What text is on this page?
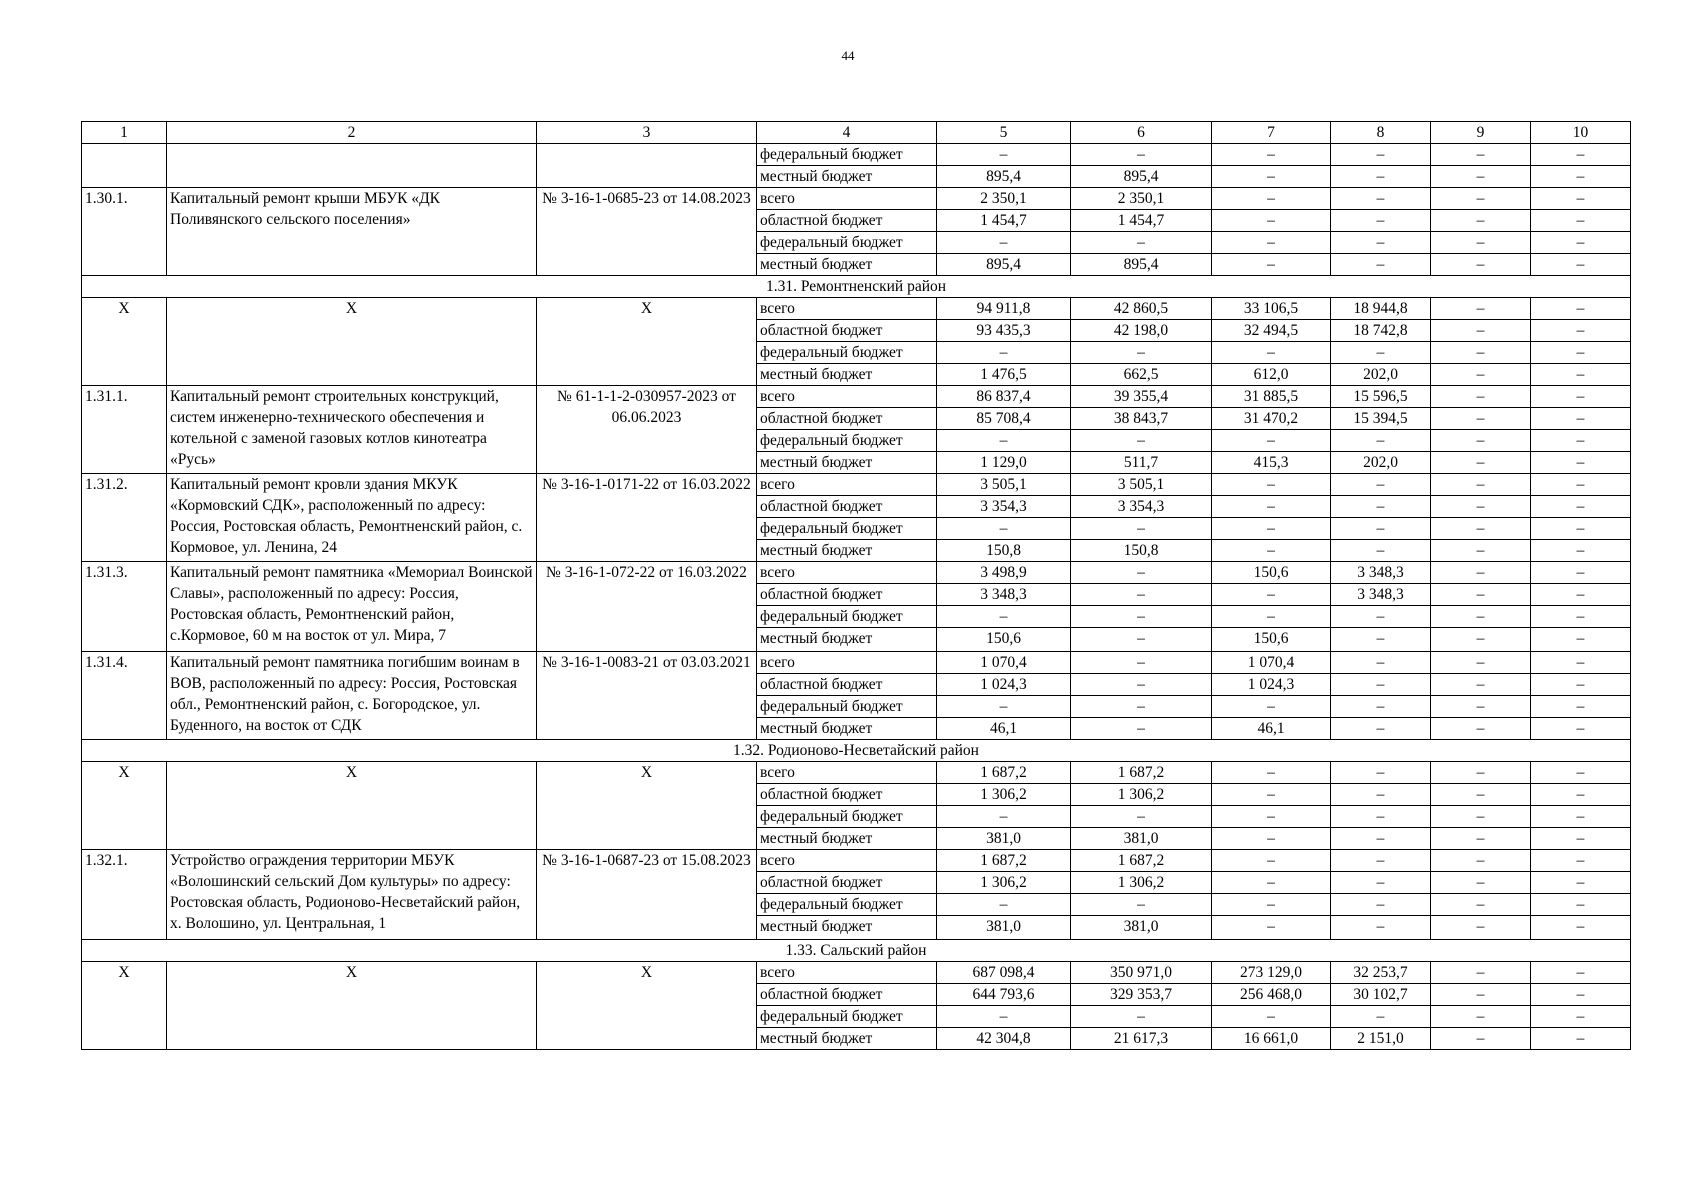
44
1	2	3	4	5	6	7	8	9	10
			федеральный бюджет	–	–	–	–	–	–
			местный бюджет	895,4	895,4	–	–	–	–
1.30.1.	Капитальный ремонт крыши МБУК «ДК Поливянского сельского поселения»	№ 3-16-1-0685-23 от 14.08.2023	всего	2 350,1	2 350,1	–	–	–	–
			областной бюджет	1 454,7	1 454,7	–	–	–	–
			федеральный бюджет	–	–	–	–	–	–
			местный бюджет	895,4	895,4	–	–	–	–
1.31. Ремонтненский район									
X	X	X	всего	94 911,8	42 860,5	33 106,5	18 944,8	–	–
			областной бюджет	93 435,3	42 198,0	32 494,5	18 742,8	–	–
			федеральный бюджет	–	–	–	–	–	–
			местный бюджет	1 476,5	662,5	612,0	202,0	–	–
1.31.1.	Капитальный ремонт строительных конструкций, систем инженерно-технического обеспечения и котельной с заменой газовых котлов кинотеатра «Русь»	№ 61-1-1-2-030957-2023 от 06.06.2023	всего	86 837,4	39 355,4	31 885,5	15 596,5	–	–
			областной бюджет	85 708,4	38 843,7	31 470,2	15 394,5	–	–
			федеральный бюджет	–	–	–	–	–	–
			местный бюджет	1 129,0	511,7	415,3	202,0	–	–
1.31.2.	Капитальный ремонт кровли здания МКУК «Кормовский СДК», расположенный по адресу: Россия, Ростовская область, Ремонтненский район, с. Кормовое, ул. Ленина, 24	№ 3-16-1-0171-22 от 16.03.2022	всего	3 505,1	3 505,1	–	–	–	–
			областной бюджет	3 354,3	3 354,3	–	–	–	–
			федеральный бюджет	–	–	–	–	–	–
			местный бюджет	150,8	150,8	–	–	–	–
1.31.3.	Капитальный ремонт памятника «Мемориал Воинской Славы», расположенный по адресу: Россия, Ростовская область, Ремонтненский район, с.Кормовое, 60 м на восток от ул. Мира, 7	№ 3-16-1-072-22 от 16.03.2022	всего	3 498,9	–	150,6	3 348,3	–	–
			областной бюджет	3 348,3	–	–	3 348,3	–	–
			федеральный бюджет	–	–	–	–	–	–
			местный бюджет	150,6	–	150,6	–	–	–
1.31.4.	Капитальный ремонт памятника погибшим воинам в ВОВ, расположенный по адресу: Россия, Ростовская обл., Ремонтненский район, с. Богородское, ул. Буденного, на восток от СДК	№ 3-16-1-0083-21 от 03.03.2021	всего	1 070,4	–	1 070,4	–	–	–
			областной бюджет	1 024,3	–	1 024,3	–	–	–
			федеральный бюджет	–	–	–	–	–	–
			местный бюджет	46,1	–	46,1	–	–	–
1.32. Родионово-Несветайский район									
X	X	X	всего	1 687,2	1 687,2	–	–	–	–
			областной бюджет	1 306,2	1 306,2	–	–	–	–
			федеральный бюджет	–	–	–	–	–	–
			местный бюджет	381,0	381,0	–	–	–	–
1.32.1.	Устройство ограждения территории МБУК «Волошинский сельский Дом культуры» по адресу: Ростовская область, Родионово-Несветайский район, х. Волошино, ул. Центральная, 1	№ 3-16-1-0687-23 от 15.08.2023	всего	1 687,2	1 687,2	–	–	–	–
			областной бюджет	1 306,2	1 306,2	–	–	–	–
			федеральный бюджет	–	–	–	–	–	–
			местный бюджет	381,0	381,0	–	–	–	–
1.33. Сальский район									
X	X	X	всего	687 098,4	350 971,0	273 129,0	32 253,7	–	–
			областной бюджет	644 793,6	329 353,7	256 468,0	30 102,7	–	–
			федеральный бюджет	–	–	–	–	–	–
			местный бюджет	42 304,8	21 617,3	16 661,0	2 151,0	–	–
